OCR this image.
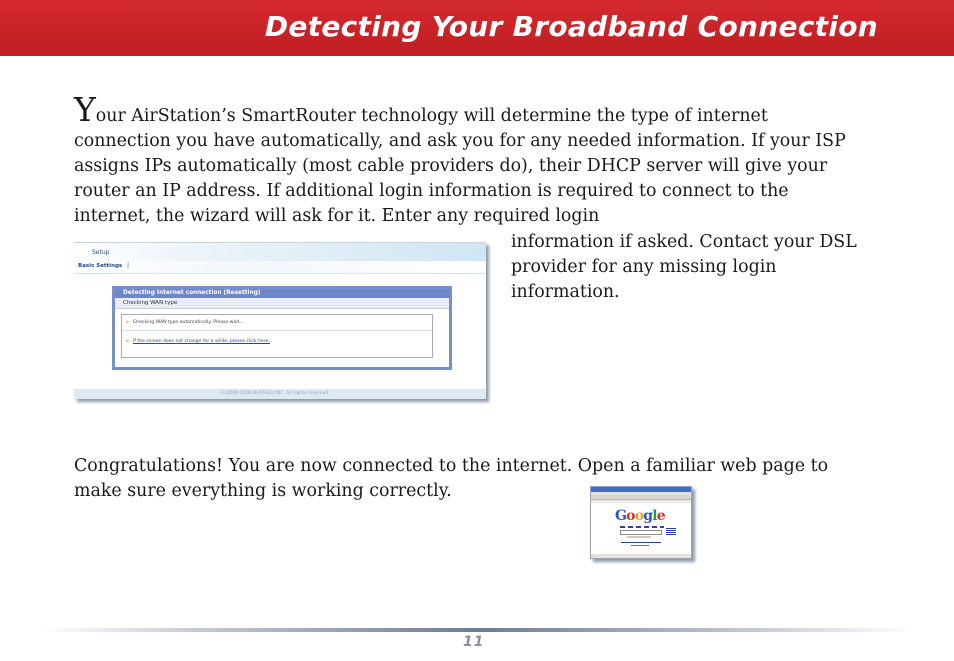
Detecting Your Broadband Connection
Your AirStation’s SmartRouter technology will determine the type of internet connection you have automatically, and ask you for any needed information. If your ISP assigns IPs automatically (most cable providers do), their DHCP server will give your router an IP address. If additional login information is required to connect to the internet, the wizard will ask for it. Enter any required login
information if asked. Contact your DSL provider for any missing login information.
Setup
Basic Settings |
Detecting Internet connection (Resetting)
Checking WAN type
» Checking WAN type automatically. Please wait...
» If the screen does not change for a while, please click here.
(C)2000-2006 BUFFALO INC. All rights reserved.
Congratulations! You are now connected to the internet. Open a familiar web page to make sure everything is working correctly.
Google
11
